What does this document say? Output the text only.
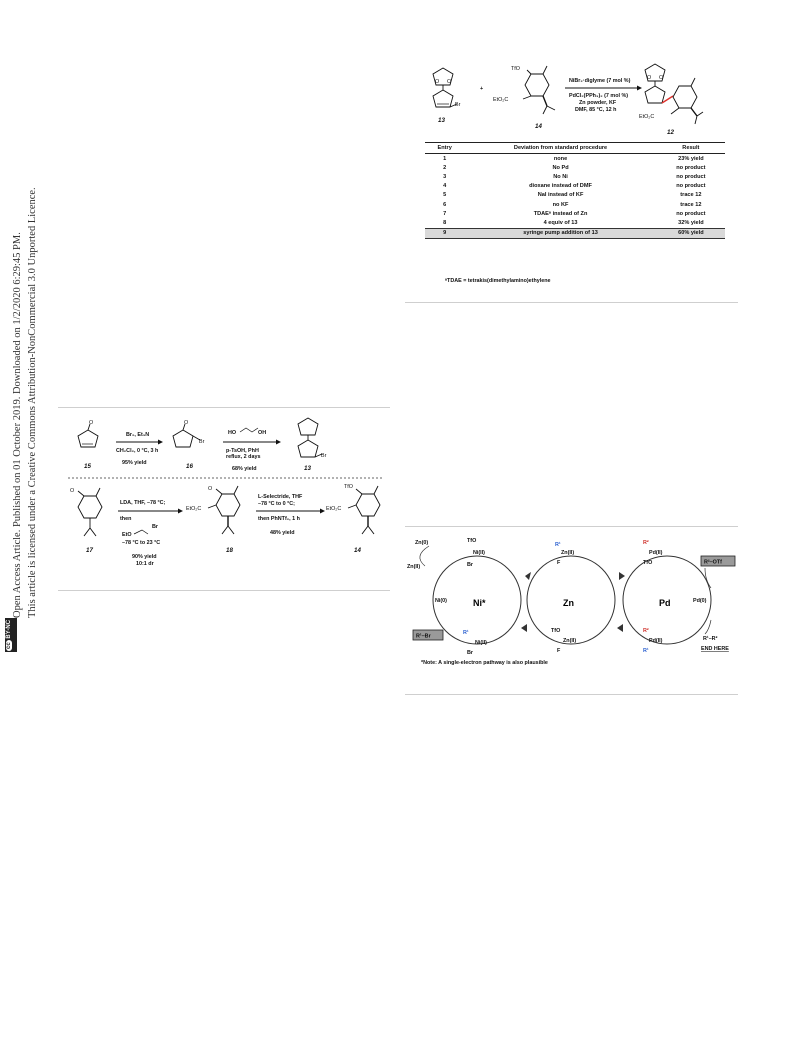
Open Access Article. Published on 01 October 2019. Downloaded on 1/2/2020 6:29:45 PM. This article is licensed under a Creative Commons Attribution-NonCommercial 3.0 Unported Licence.
cc BY-NC
O O
Br
13
+
TfO
EtO₂C
14
NiBr₂·diglyme (7 mol %)
PdCl₂(PPh₃)₂ (7 mol %)
Zn powder, KF
DMF, 85 °C, 12 h
O O
EtO₂C
12
Entry	Deviation from standard procedure	Result
1	none	23% yield
2	No Pd	no product
3	No Ni	no product
4	dioxane instead of DMF	no product
5	NaI instead of KF	trace 12
6	no KF	trace 12
7	TDAEᵃ instead of Zn	no product
8	4 equiv of 13	32% yield
9	syringe pump addition of 13	60% yield
ᵃTDAE = tetrakis(dimethylamino)ethylene
O
15
Br₂, Et₃N
CH₂Cl₂, 0 °C, 3 h
95% yield
O
Br
16
HO	OH
p-TsOH, PhH
reflux, 2 days
68% yield
Br
13
O
17
LDA, THF, –78 °C;
then
EtO
Br
–78 °C to 23 °C
90% yield
10:1 dr
O
EtO₂C
18
L-Selectride, THF
–78 °C to 0 °C;
then PhNTf₂, 1 h
48% yield
TfO
EtO₂C
14
Ni*	Zn	Pd
Zn(0)
Zn(II)
Ni(0)
TfO
Ni(II)
Br
R¹
Ni(II)
Br
R¹–Br
R¹
Zn(II)
F
TfO
Zn(II)
F
R²
Pd(II)
TfO
Pd(0)
R²
Pd(II)
R¹
R²–OTf
R¹–R²
END HERE
*Note: A single-electron pathway is also plausible
